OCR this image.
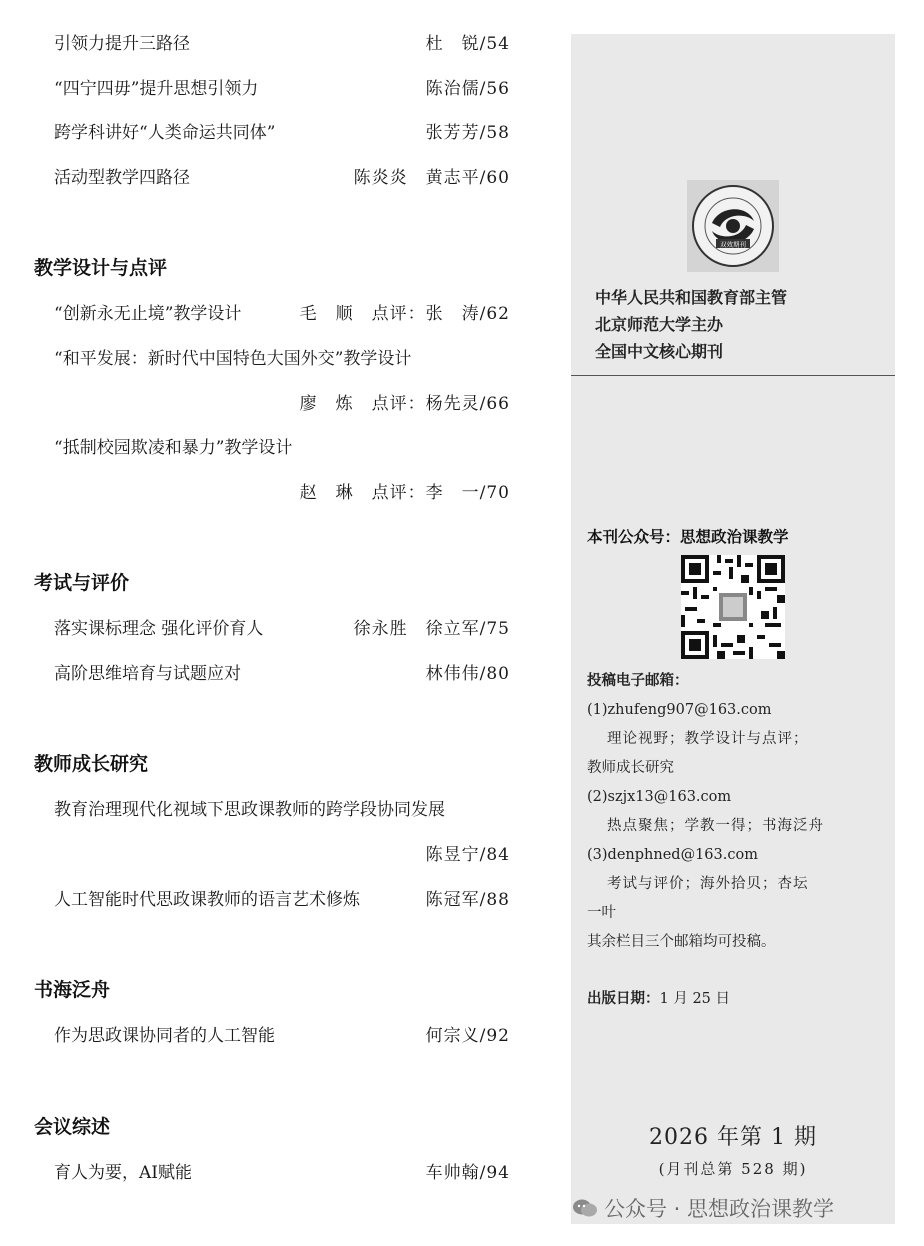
引领力提升三路径	杜　锐/54
“四宁四毋”提升思想引领力	陈治儒/56
跨学科讲好“人类命运共同体”	张芳芳/58
活动型教学四路径	陈炎炎　黄志平/60
教学设计与点评
“创新永无止境”教学设计	毛　顺　点评：张　涛/62
“和平发展：新时代中国特色大国外交”教学设计
廖　炼　点评：杨先灵/66
“抵制校园欺凌和暴力”教学设计
赵　琳　点评：李　一/70
考试与评价
落实课标理念 强化评价育人	徐永胜　徐立军/75
高阶思维培育与试题应对	林伟伟/80
教师成长研究
教育治理现代化视域下思政课教师的跨学段协同发展
陈昱宁/84
人工智能时代思政课教师的语言艺术修炼	陈冠军/88
书海泛舟
作为思政课协同者的人工智能	何宗义/92
会议综述
育人为要，AI赋能	车帅翰/94
双效期刊
中华人民共和国教育部主管
北京师范大学主办
全国中文核心期刊
本刊公众号：思想政治课教学
投稿电子邮箱：
(1)zhufeng907@163.com
理论视野；教学设计与点评；
教师成长研究
(2)szjx13@163.com
热点聚焦；学教一得；书海泛舟
(3)denphned@163.com
考试与评价；海外拾贝；杏坛
一叶
其余栏目三个邮箱均可投稿。
出版日期：1 月 25 日
2026 年第 1 期
(月刊总第 528 期)
公众号 · 思想政治课教学
